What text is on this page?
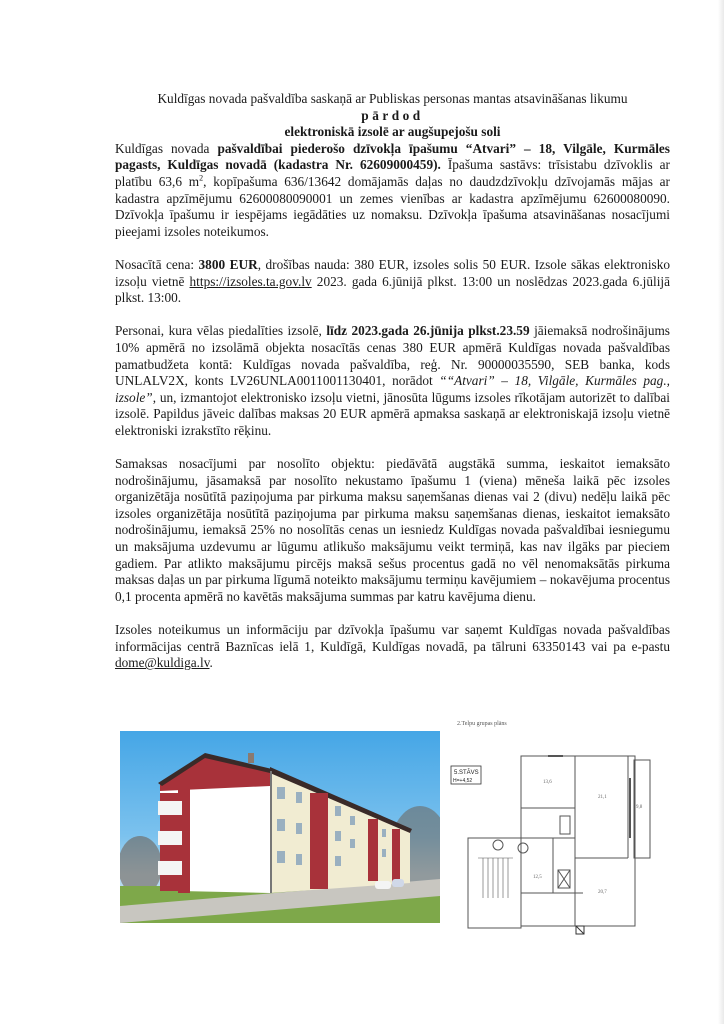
Kuldīgas novada pašvaldība saskaņā ar Publiskas personas mantas atsavināšanas likumu
pārdod
elektroniskā izsolē ar augšupejošu soli

Kuldīgas novada pašvaldībai piederošo dzīvokļa īpašumu “Atvari” – 18, Vilgāle, Kurmāles pagasts, Kuldīgas novadā (kadastra Nr. 62609000459). Īpašuma sastāvs: trīsistabu dzīvoklis ar platību 63,6 $m^2$, kopīpašuma 636/13642 domājamās daļas no daudzdzīvokļu dzīvojamās mājas ar kadastra apzīmējumu 62600080090001 un zemes vienības ar kadastra apzīmējumu 62600080090. Dzīvokļa īpašumu ir iespējams iegādāties uz nomaksu. Dzīvokļa īpašuma atsavināšanas nosacījumi pieejami izsoles noteikumos.

Nosacītā cena: 3800 EUR, drošības nauda: 380 EUR, izsoles solis 50 EUR. Izsole sākas elektronisko izsoļu vietnē https://izsoles.ta.gov.lv 2023. gada 6.jūnijā plkst. 13:00 un noslēdzas 2023.gada 6.jūlijā plkst. 13:00.

Personai, kura vēlas piedalīties izsolē, līdz 2023.gada 26.jūnija plkst.23.59 jāiemaksā nodrošinājums 10% apmērā no izsolāmā objekta nosacītās cenas 380 EUR apmērā Kuldīgas novada pašvaldības pamatbudžeta kontā: Kuldīgas novada pašvaldība, reģ. Nr. 90000035590, SEB banka, kods UNLALV2X, konts LV26UNLA0011001130401, norādot ““Atvari” – 18, Vilgāle, Kurmāles pag., izsole”, un, izmantojot elektronisko izsoļu vietni, jānosūta lūgums izsoles rīkotājam autorizēt to dalībai izsolē. Papildus jāveic dalības maksas 20 EUR apmērā apmaksa saskaņā ar elektroniskajā izsoļu vietnē elektroniski izrakstīto rēķinu.

Samaksas nosacījumi par nosolīto objektu: piedāvātā augstākā summa, ieskaitot iemaksāto nodrošinājumu, jāsamaksā par nosolīto nekustamo īpašumu 1 (viena) mēneša laikā pēc izsoles organizētāja nosūtītā paziņojuma par pirkuma maksu saņemšanas dienas vai 2 (divu) nedēļu laikā pēc izsoles organizētāja nosūtītā paziņojuma par pirkuma maksu saņemšanas dienas, ieskaitot iemaksāto nodrošinājumu, iemaksā 25% no nosolītās cenas un iesniedz Kuldīgas novada pašvaldībai iesniegumu un maksājuma uzdevumu ar lūgumu atlikušo maksājumu veikt termiņā, kas nav ilgāks par pieciem gadiem. Par atlikto maksājumu pircējs maksā sešus procentus gadā no vēl nenomaksātās pirkuma maksas daļas un par pirkuma līgumā noteikto maksājumu termiņu kavējumiem – nokavējuma procentus 0,1 procenta apmērā no kavētās maksājuma summas par katru kavējuma dienu.

Izsoles noteikumus un informāciju par dzīvokļa īpašumu var saņemt Kuldīgas novada pašvaldības informācijas centrā Baznīcas ielā 1, Kuldīgā, Kuldīgas novadā, pa tālruni 63350143 vai pa e-pastu dome@kuldiga.lv.

2.Telpu grupas plāns
13,6
21,1
9,8
20,7
12,5
5.STĀVS
H=+4,52
